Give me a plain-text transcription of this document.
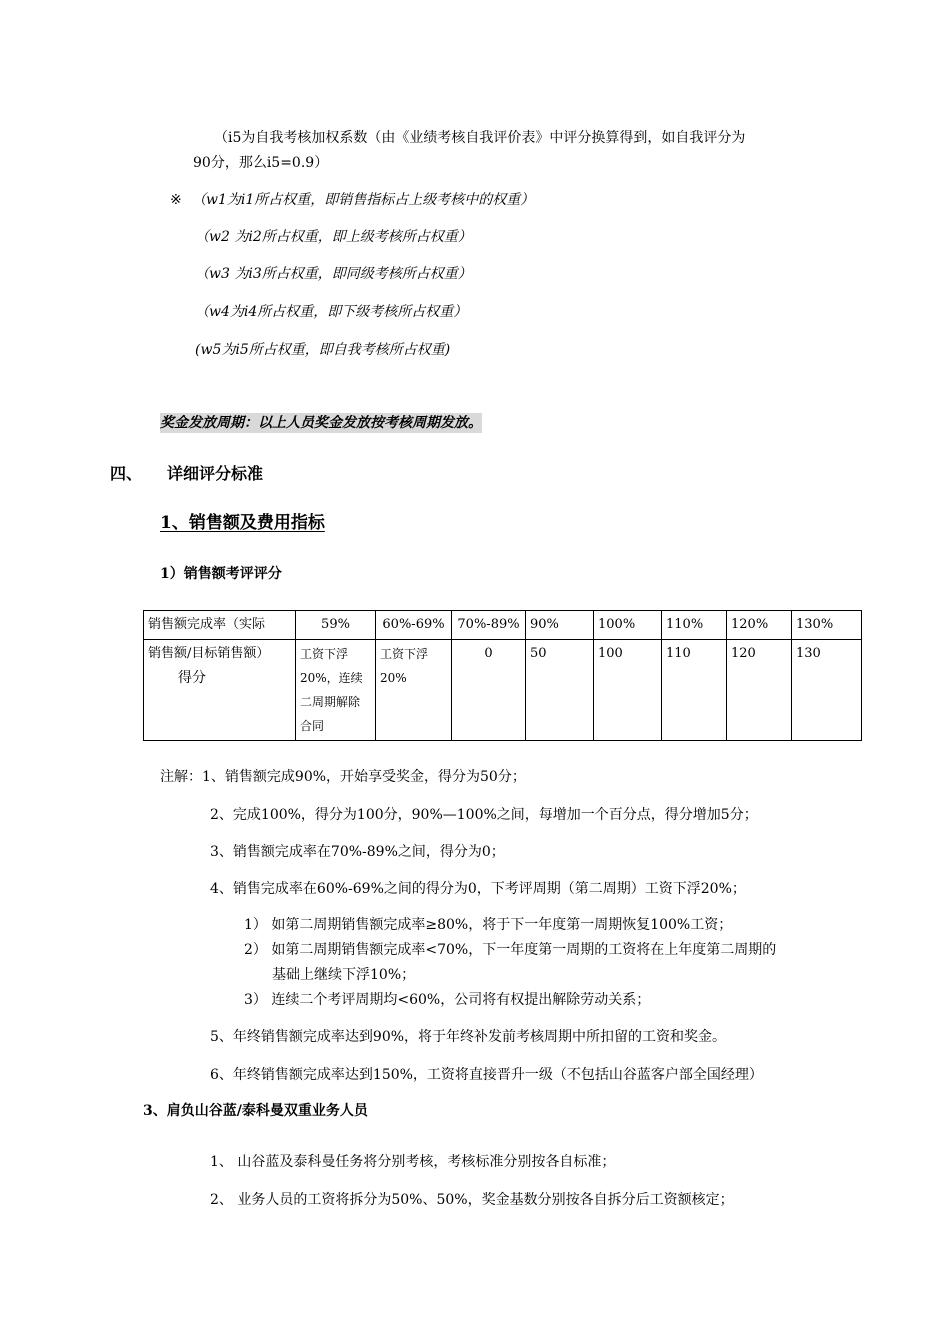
（i5为自我考核加权系数（由《业绩考核自我评价表》中评分换算得到，如自我评分为
90分，那么i5=0.9）
※ （w1为i1所占权重，即销售指标占上级考核中的权重）
（w2 为i2所占权重，即上级考核所占权重）
（w3 为i3所占权重，即同级考核所占权重）
（w4为i4所占权重，即下级考核所占权重）
(w5为i5所占权重，即自我考核所占权重)
奖金发放周期：以上人员奖金发放按考核周期发放。
四、 详细评分标准
1、销售额及费用指标
1）销售额考评评分
销售额完成率（实际	59%	60%-69%	70%-89%	90%	100%	110%	120%	130%

销售额/目标销售额）
得分	工资下浮20%，连续二周期解除合同	工资下浮20%	0	50	100	110	120	130
注解：1、销售额完成90%，开始享受奖金，得分为50分；
2、完成100%，得分为100分，90%—100%之间，每增加一个百分点，得分增加5分；
3、销售额完成率在70%-89%之间，得分为0；
4、销售完成率在60%-69%之间的得分为0，下考评周期（第二周期）工资下浮20%；
1） 如第二周期销售额完成率≥80%，将于下一年度第一周期恢复100%工资；
2） 如第二周期销售额完成率<70%，下一年度第一周期的工资将在上年度第二周期的
基础上继续下浮10%；
3） 连续二个考评周期均<60%，公司将有权提出解除劳动关系；
5、年终销售额完成率达到90%，将于年终补发前考核周期中所扣留的工资和奖金。
6、年终销售额完成率达到150%，工资将直接晋升一级（不包括山谷蓝客户部全国经理）
3、肩负山谷蓝/泰科曼双重业务人员
1、 山谷蓝及泰科曼任务将分别考核，考核标准分别按各自标准；
2、 业务人员的工资将拆分为50%、50%，奖金基数分别按各自拆分后工资额核定；
